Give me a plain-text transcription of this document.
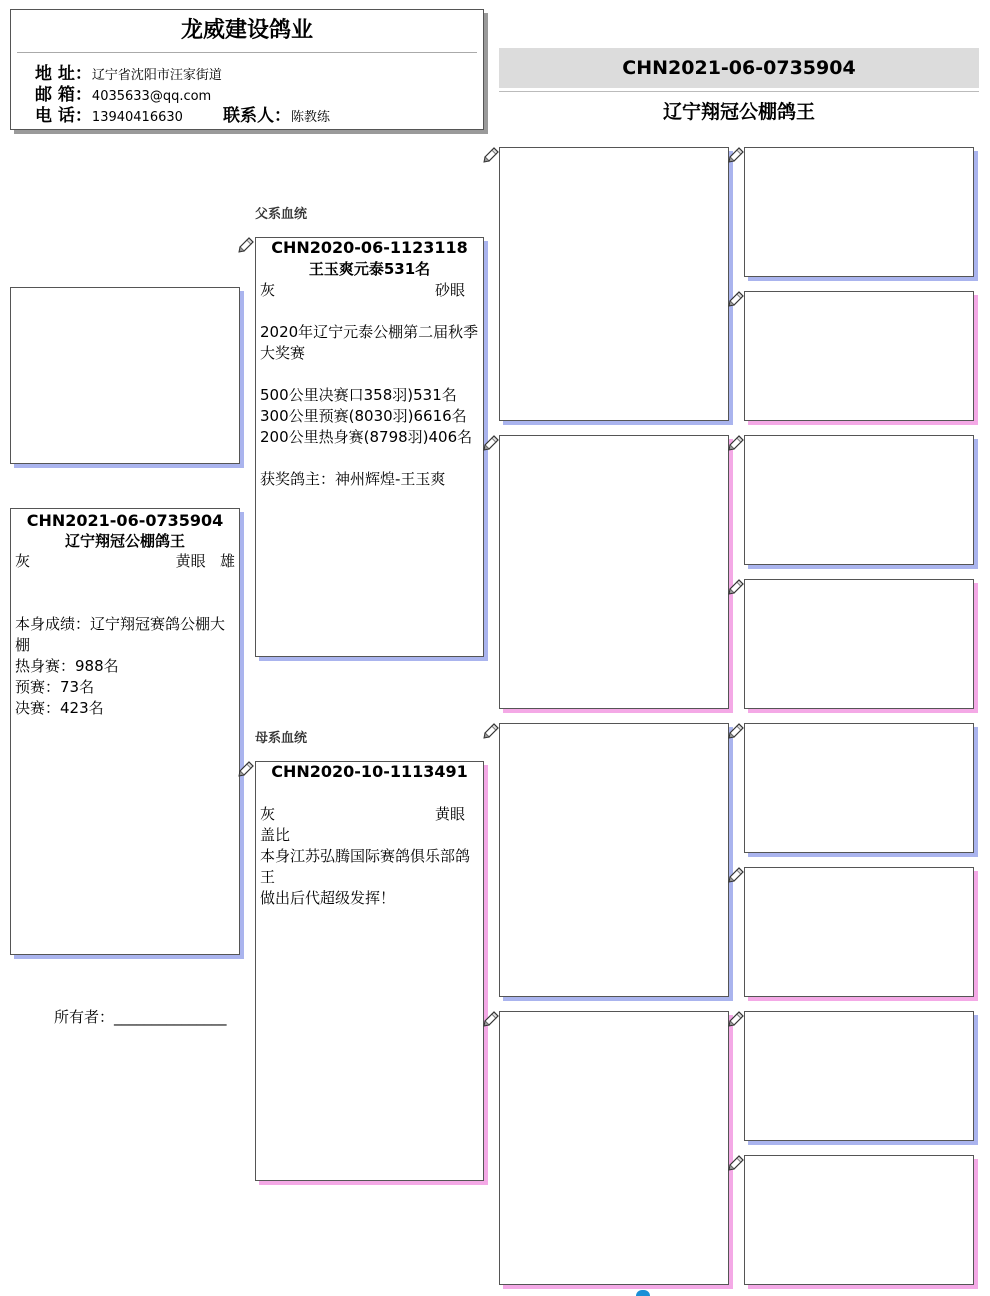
龙威建设鸽业
地 址：辽宁省沈阳市汪家街道
邮 箱：4035633@qq.com
电 话：13940416630 联系人：陈教练
CHN2021-06-0735904
辽宁翔冠公棚鸽王
父系血统
母系血统
CHN2021-06-0735904
辽宁翔冠公棚鸽王
灰	黄眼 雄
本身成绩：辽宁翔冠赛鸽公棚大棚
热身赛：988名
预赛：73名
决赛：423名
所有者：_______________
CHN2020-06-1123118
王玉爽元泰531名
灰	砂眼
2020年辽宁元泰公棚第二届秋季大奖赛
500公里决赛口358羽)531名
300公里预赛(8030羽)6616名
200公里热身赛(8798羽)406名
获奖鸽主：神州辉煌-王玉爽
CHN2020-10-1113491
灰	黄眼
盖比
本身江苏弘腾国际赛鸽俱乐部鸽王
做出后代超级发挥！
